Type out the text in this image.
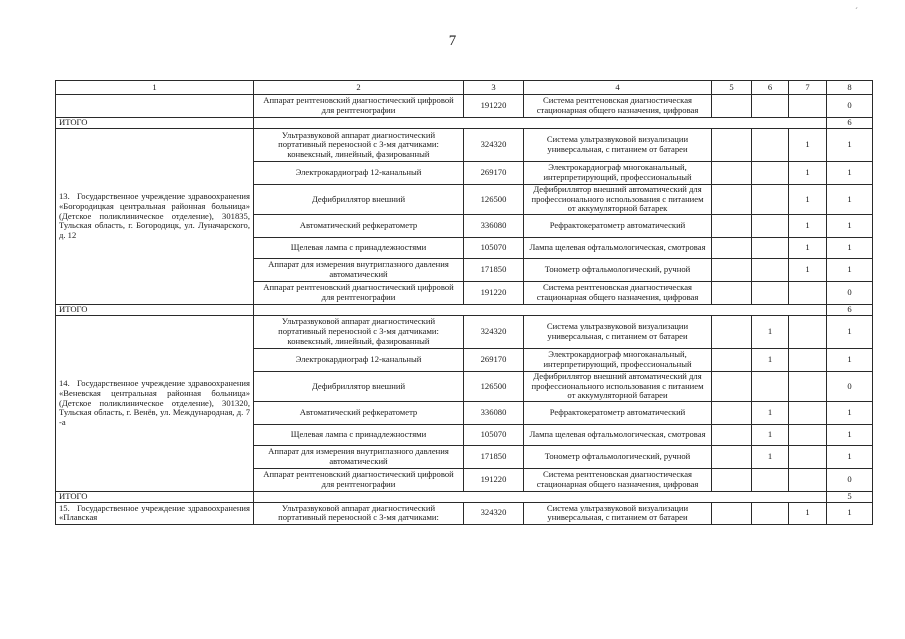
7
1	2	3	4	5	6	7	8
	Аппарат рентгеновский диагностический цифровой для рентгенографии	191220	Система рентгеновская диагностическая стационарная общего назначения, цифровая				0
ИТОГО							6
13. Государственное учреждение здравоохранения «Богородицкая центральная районная больница» (Детское поликлиническое отделение), 301835, Тульская область, г. Богородицк, ул. Луначарского, д. 12	Ультразвуковой аппарат диагностический портативный переносной с 3-мя датчиками: конвексный, линейный, фазированный	324320	Система ультразвуковой визуализации универсальная, с питанием от батареи			1	1
	Электрокардиограф 12-канальный	269170	Электрокардиограф многоканальный, интерпретирующий, профессиональный			1	1
	Дефибриллятор внешний	126500	Дефибриллятор внешний автоматический для профессионального использования с питанием от аккумуляторной батарек			1	1
	Автоматический рефкератометр	336080	Рефрактокератометр автоматический			1	1
	Щелевая лампа с принадлежностями	105070	Лампа щелевая офтальмологическая, смотровая			1	1
	Аппарат для измерения внутриглазного давления автоматический	171850	Тонометр офтальмологический, ручной			1	1
	Аппарат рентгеновский диагностический цифровой для рентгенографии	191220	Система рентгеновская диагностическая стационарная общего назначения, цифровая				0
ИТОГО							6
14. Государственное учреждение здравоохранения «Веневская центральная районная больница» (Детское поликлиническое отделение), 301320, Тульская область, г. Венёв, ул. Международная, д. 7 -а	Ультразвуковой аппарат диагностический портативный переносной с 3-мя датчиками: конвексный, линейный, фазированный	324320	Система ультразвуковой визуализации универсальная, с питанием от батареи		1		1
	Электрокардиограф 12-канальный	269170	Электрокардиограф многоканальный, интерпретирующий, профессиональный		1		1
	Дефибриллятор внешний	126500	Дефибриллятор внешний автоматический для профессионального использования с питанием от аккумуляторной батареи				0
	Автоматический рефкератометр	336080	Рефрактокератометр автоматический		1		1
	Щелевая лампа с принадлежностями	105070	Лампа щелевая офтальмологическая, смотровая		1		1
	Аппарат для измерения внутриглазного давления автоматический	171850	Тонометр офтальмологический, ручной		1		1
	Аппарат рентгеновский диагностический цифровой для рентгенографии	191220	Система рентгеновская диагностическая стационарная общего назначения, цифровая				0
ИТОГО							5
15. Государственное учреждение здравоохранения «Плавская	Ультразвуковой аппарат диагностический портативный переносной с 3-мя датчиками:	324320	Система ультразвуковой визуализации универсальная, с питанием от батареи			1	1
´
